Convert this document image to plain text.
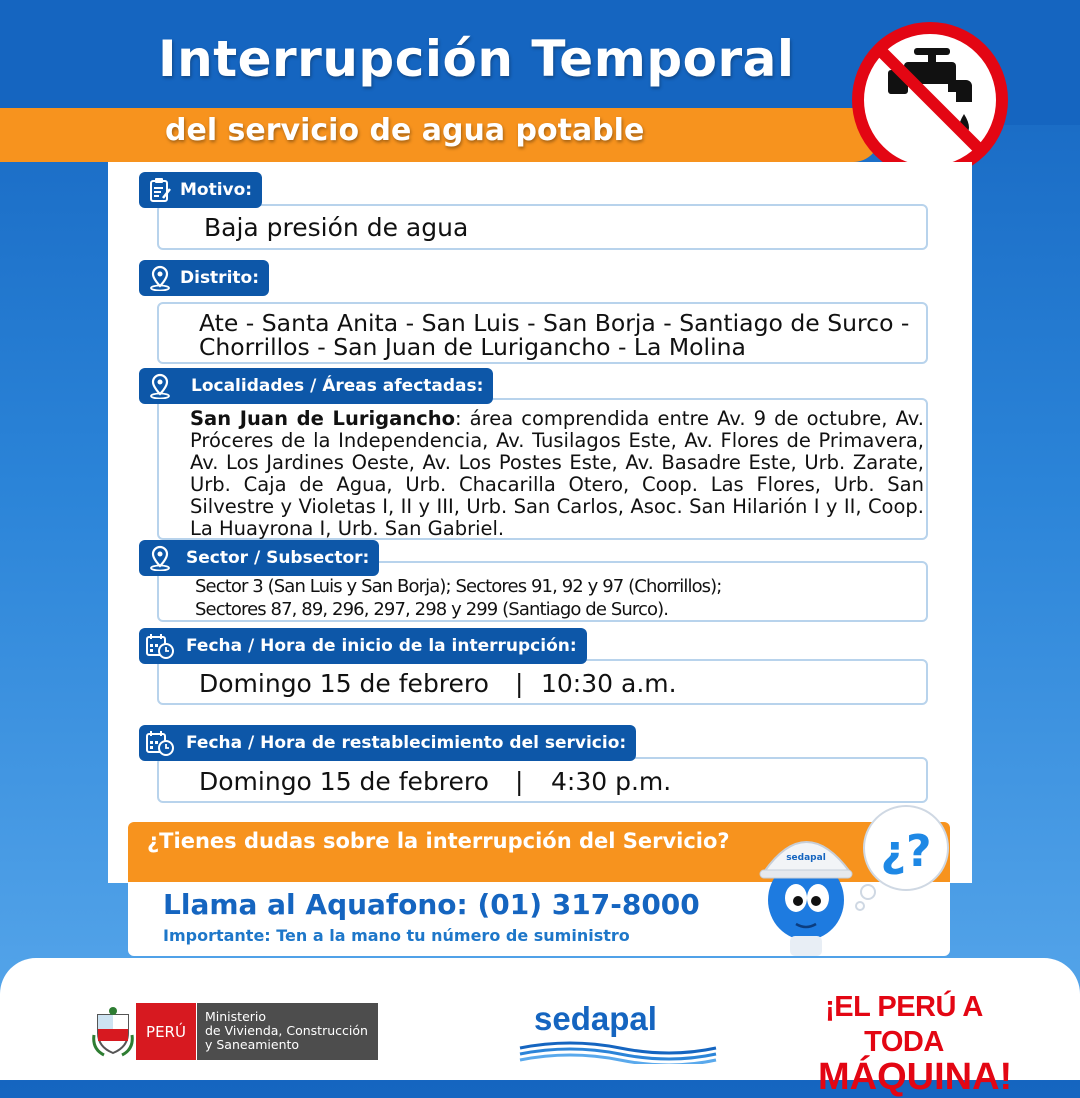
Interrupción Temporal
del servicio de agua potable
Baja presión de agua
Motivo:
Ate - Santa Anita - San Luis - San Borja - Santiago de Surco -
Chorrillos - San Juan de Lurigancho - La Molina
Distrito:
San Juan de Lurigancho: área comprendida entre Av. 9 de octubre, Av. Próceres de la Independencia, Av. Tusilagos Este, Av. Flores de Primavera, Av. Los Jardines Oeste, Av. Los Postes Este, Av. Basadre Este, Urb. Zarate, Urb. Caja de Agua, Urb. Chacarilla Otero, Coop. Las Flores, Urb. San Silvestre y Violetas I, II y III, Urb. San Carlos, Asoc. San Hilarión I y II, Coop. La Huayrona I, Urb. San Gabriel.
Localidades / Áreas afectadas:
Sector 3 (San Luis y San Borja); Sectores 91, 92 y 97 (Chorrillos);
Sectores 87, 89, 296, 297, 298 y 299 (Santiago de Surco).
Sector / Subsector:
Domingo 15 de febrero | 10:30 a.m.
Fecha / Hora de inicio de la interrupción:
Domingo 15 de febrero | 4:30 p.m.
Fecha / Hora de restablecimiento del servicio:
¿Tienes dudas sobre la interrupción del Servicio?
Llama al Aquafono: (01) 317-8000
Importante: Ten a la mano tu número de suministro
¿?
sedapal
PERÚ
Ministerio
de Vivienda, Construcción
y Saneamiento
sedapal	¡EL PERÚ A TODA
MÁQUINA!
